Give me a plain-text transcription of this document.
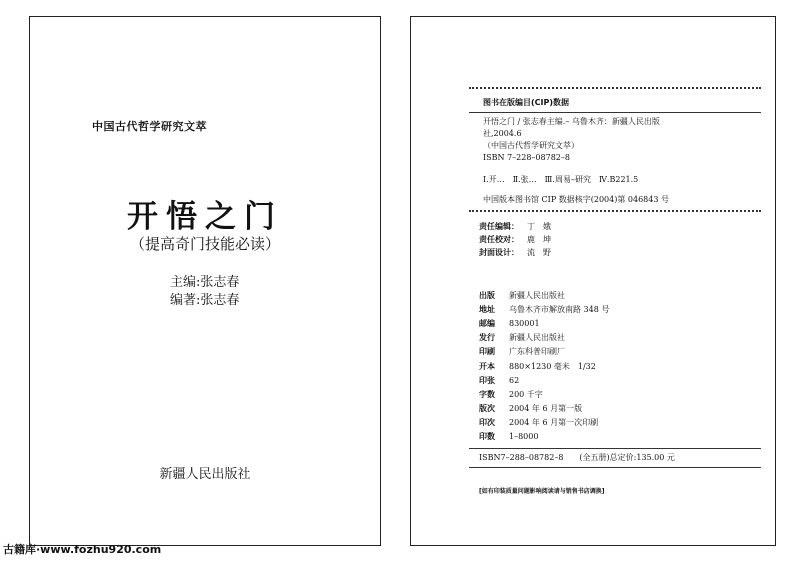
中国古代哲学研究文萃
开悟之门
（提高奇门技能必读）
主编:张志春
编著:张志春
新疆人民出版社
图书在版编目(CIP)数据
开悟之门 / 张志春主编.– 乌鲁木齐：新疆人民出版
社,2004.6
（中国古代哲学研究文萃）
ISBN 7–228–08782–8
Ⅰ.开…　Ⅱ.张…　Ⅲ.周易–研究　Ⅳ.B221.5
中国版本图书馆 CIP 数据核字(2004)第 046843 号
责任编辑： 丁　娥
责任校对： 鹿　坤
封面设计： 流　野
出版 新疆人民出版社
地址 乌鲁木齐市解放南路 348 号
邮编 830001
发行 新疆人民出版社
印刷 广东科普印刷厂
开本 880×1230 毫米　1/32
印张 62
字数 200 千字
版次 2004 年 6 月第一版
印次 2004 年 6 月第一次印刷
印数 1–8000
ISBN7–288–08782–8　　(全五册)总定价:135.00 元
[如有印装质量问题影响阅读请与销售书店调换]
古籍库·www.fozhu920.com
